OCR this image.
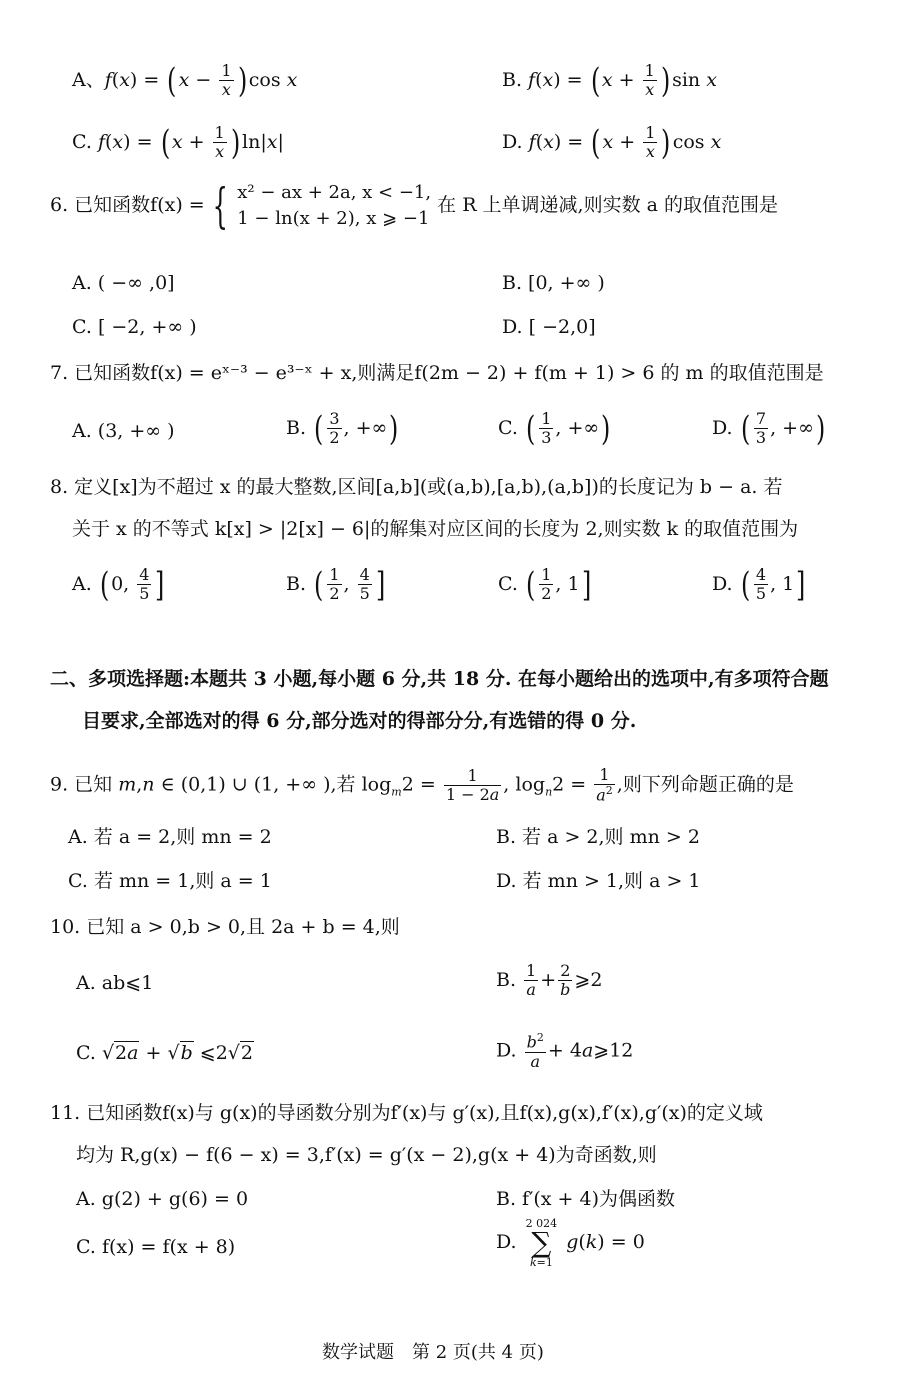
A、f(x) = ( $x - \frac{1}{x}$ ) cos x	B. f(x) = ( $x + \frac{1}{x}$ ) sin x
C. f(x) = ( $x + \frac{1}{x}$ ) ln|x|	D. f(x) = ( $x + \frac{1}{x}$ ) cos x
6. 已知函数f(x) = { x² − ax + 2a, x < −1,
1 − ln(x + 2), x ⩾ −1 在 R 上单调递减,则实数 a 的取值范围是
A. ( −∞ ,0]	B. [0, +∞ )
C. [ −2, +∞ )	D. [ −2,0]
7. 已知函数f(x) = eˣ⁻³ − e³⁻ˣ + x,则满足f(2m − 2) + f(m + 1) > 6 的 m 的取值范围是
A. (3, +∞ )	B. ( $\frac{3}{2}$ , +∞)	C. ( $\frac{1}{3}$ , +∞)	D. ( $\frac{7}{3}$ , +∞)
8. 定义[x]为不超过 x 的最大整数,区间[a,b](或(a,b),[a,b),(a,b])的长度记为 b − a. 若
关于 x 的不等式 k[x] > |2[x] − 6|的解集对应区间的长度为 2,则实数 k 的取值范围为
A. ( 0, $\frac{4}{5}$ ]	B. ( $\frac{1}{2}$ , $\frac{4}{5}$ ]	C. ( $\frac{1}{2}$ , 1]	D. ( $\frac{4}{5}$ , 1]
二、多项选择题:本题共 3 小题,每小题 6 分,共 18 分. 在每小题给出的选项中,有多项符合题
目要求,全部选对的得 6 分,部分选对的得部分分,有选错的得 0 分.
9. 已知 m,n ∈ (0,1) ∪ (1, +∞ ),若 $\log_m2 = \frac{1}{1 - 2a}$ , $\log_n2 = \frac{1}{a^2}$ ,则下列命题正确的是
A. 若 a = 2,则 mn = 2	B. 若 a > 2,则 mn > 2
C. 若 mn = 1,则 a = 1	D. 若 mn > 1,则 a > 1
10. 已知 a > 0,b > 0,且 2a + b = 4,则
A. ab⩽1	B. $\frac{1}{a} + \frac{2}{b}$ ⩾2
C. √2a + √b ⩽2√2	D. $\frac{b^2}{a}$ + 4a⩾12
11. 已知函数f(x)与 g(x)的导函数分别为f′(x)与 g′(x),且f(x),g(x),f′(x),g′(x)的定义域
均为 R,g(x) − f(6 − x) = 3,f′(x) = g′(x − 2),g(x + 4)为奇函数,则
A. g(2) + g(6) = 0	B. f′(x + 4)为偶函数
C. f(x) = f(x + 8)	D.
2 024
∑
k=1
g(k) = 0
数学试题　第 2 页(共 4 页)
